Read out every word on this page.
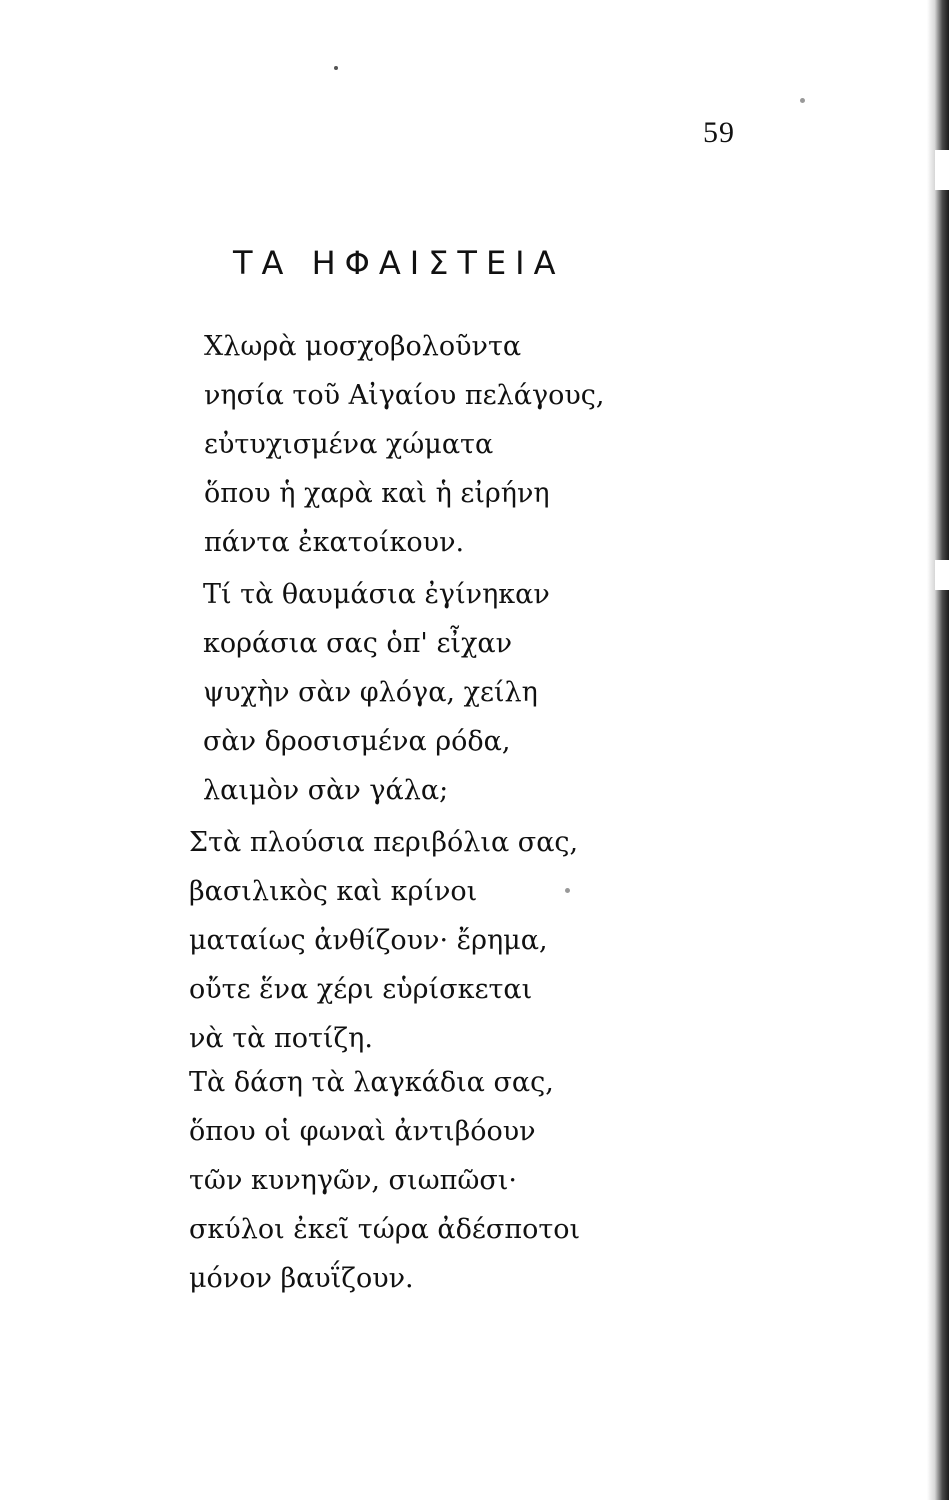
59
ΤΑ ΗΦΑΙΣΤΕΙΑ
Χλωρὰ μοσχοβολοῦντα
νησία τοῦ Αἰγαίου πελάγους,
εὐτυχισμένα χώματα
ὅπου ἡ χαρὰ καὶ ἡ εἰρήνη
πάντα ἐκατοίκουν.
Τί τὰ θαυμάσια ἐγίνηκαν
κοράσια σας ὁπ' εἶχαν
ψυχὴν σὰν φλόγα, χείλη
σὰν δροσισμένα ρόδα,
λαιμὸν σὰν γάλα;
Στὰ πλούσια περιβόλια σας,
βασιλικὸς καὶ κρίνοι
ματαίως ἀνθίζουν· ἔρημα,
οὔτε ἕνα χέρι εὑρίσκεται
νὰ τὰ ποτίζη.
Τὰ δάση τὰ λαγκάδια σας,
ὅπου οἱ φωναὶ ἀντιβόουν
τῶν κυνηγῶν, σιωπῶσι·
σκύλοι ἐκεῖ τώρα ἀδέσποτοι
μόνον βαυΐζουν.
